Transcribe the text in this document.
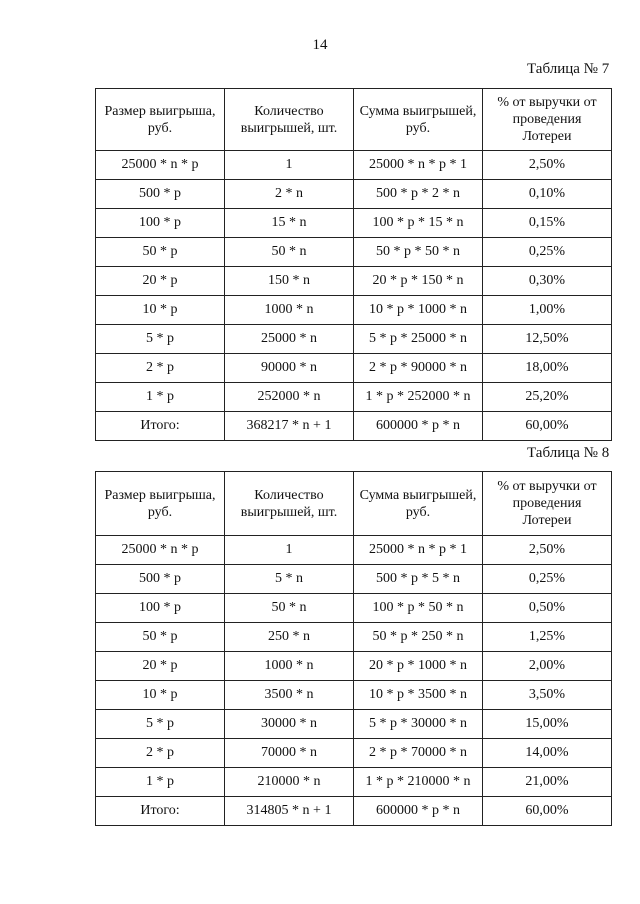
14
Таблица № 7
Размер выигрыша, руб.	Количество выигрышей, шт.	Сумма выигрышей, руб.	% от выручки от проведения Лотереи
25000 * n * p	1	25000 * n * p * 1	2,50%
500 * p	2 * n	500 * p * 2 * n	0,10%
100 * p	15 * n	100 * p * 15 * n	0,15%
50 * p	50 * n	50 * p * 50 * n	0,25%
20 * p	150 * n	20 * p * 150 * n	0,30%
10 * p	1000 * n	10 * p * 1000 * n	1,00%
5 * p	25000 * n	5 * p * 25000 * n	12,50%
2 * p	90000 * n	2 * p * 90000 * n	18,00%
1 * p	252000 * n	1 * p * 252000 * n	25,20%
Итого:	368217 * n + 1	600000 * p * n	60,00%
Таблица № 8
Размер выигрыша, руб.	Количество выигрышей, шт.	Сумма выигрышей, руб.	% от выручки от проведения Лотереи
25000 * n * p	1	25000 * n * p * 1	2,50%
500 * p	5 * n	500 * p * 5 * n	0,25%
100 * p	50 * n	100 * p * 50 * n	0,50%
50 * p	250 * n	50 * p * 250 * n	1,25%
20 * p	1000 * n	20 * p * 1000 * n	2,00%
10 * p	3500 * n	10 * p * 3500 * n	3,50%
5 * p	30000 * n	5 * p * 30000 * n	15,00%
2 * p	70000 * n	2 * p * 70000 * n	14,00%
1 * p	210000 * n	1 * p * 210000 * n	21,00%
Итого:	314805 * n + 1	600000 * p * n	60,00%
